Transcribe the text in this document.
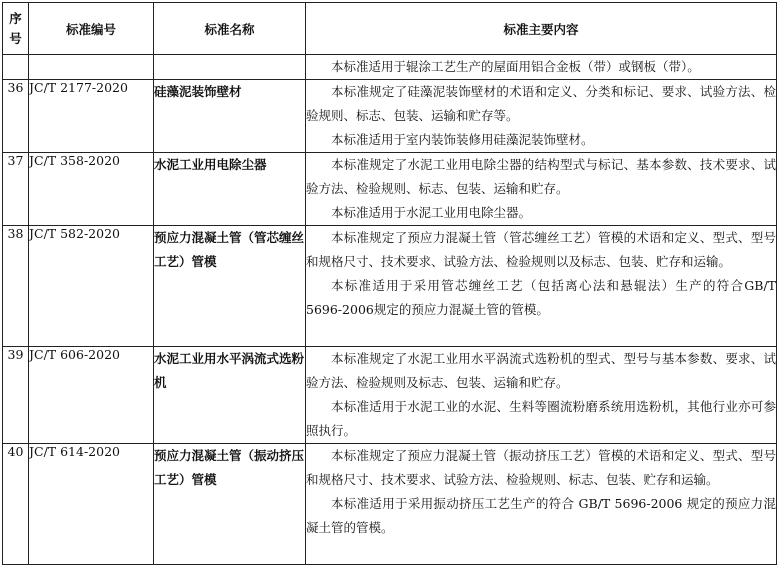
序
号	标准编号	标准名称	标准主要内容

			本标准适用于辊涂工艺生产的屋面用铝合金板（带）或钢板（带）。

36	JC/T 2177-2020	硅藻泥装饰壁材	本标准规定了硅藻泥装饰壁材的术语和定义、分类和标记、要求、试验方法、检验规则、标志、包装、运输和贮存等。

本标准适用于室内装饰装修用硅藻泥装饰壁材。

37	JC/T 358-2020	水泥工业用电除尘器	本标准规定了水泥工业用电除尘器的结构型式与标记、基本参数、技术要求、试验方法、检验规则、标志、包装、运输和贮存。

本标准适用于水泥工业用电除尘器。

38	JC/T 582-2020	预应力混凝土管（管芯缠丝工艺）管模	本标准规定了预应力混凝土管（管芯缠丝工艺）管模的术语和定义、型式、型号和规格尺寸、技术要求、试验方法、检验规则以及标志、包装、贮存和运输。

本标准适用于采用管芯缠丝工艺（包括离心法和悬辊法）生产的符合GB/T 5696-2006规定的预应力混凝土管的管模。

39	JC/T 606-2020	水泥工业用水平涡流式选粉机	本标准规定了水泥工业用水平涡流式选粉机的型式、型号与基本参数、要求、试验方法、检验规则及标志、包装、运输和贮存。

本标准适用于水泥工业的水泥、生料等圈流粉磨系统用选粉机，其他行业亦可参照执行。

40	JC/T 614-2020	预应力混凝土管（振动挤压工艺）管模	本标准规定了预应力混凝土管（振动挤压工艺）管模的术语和定义、型式、型号和规格尺寸、技术要求、试验方法、检验规则、标志、包装、贮存和运输。

本标准适用于采用振动挤压工艺生产的符合 GB/T 5696-2006 规定的预应力混凝土管的管模。
